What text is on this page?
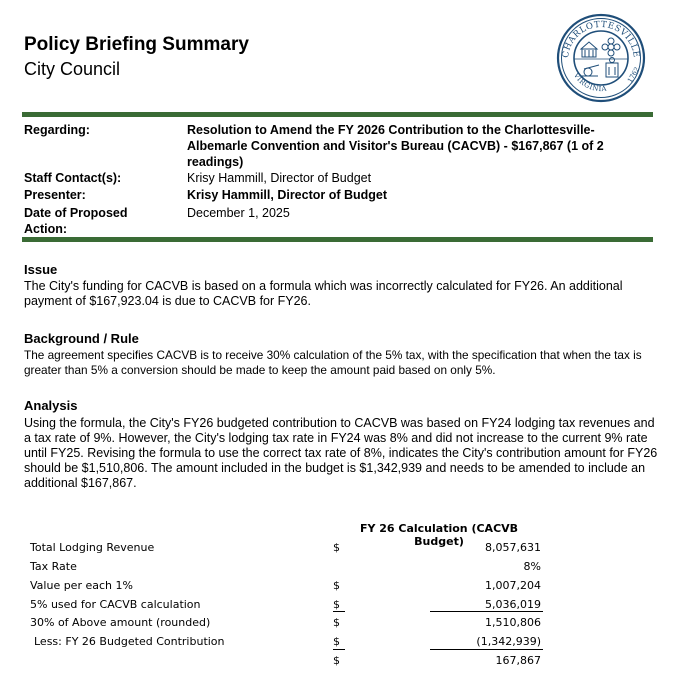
Policy Briefing Summary
City Council
CHARLOTTESVILLE
VIRGINIA
1762
Regarding:	Resolution to Amend the FY 2026 Contribution to the Charlottesville-Albemarle Convention and Visitor's Bureau (CACVB) - $167,867 (1 of 2 readings)
Staff Contact(s):	Krisy Hammill, Director of Budget
Presenter:	Krisy Hammill, Director of Budget
Date of Proposed
Action:
December 1, 2025
Issue
The City's funding for CACVB is based on a formula which was incorrectly calculated for FY26. An additional payment of $167,923.04 is due to CACVB for FY26.
Background / Rule
The agreement specifies CACVB is to receive 30% calculation of the 5% tax, with the specification that when the tax is greater than 5% a conversion should be made to keep the amount paid based on only 5%.
Analysis
Using the formula, the City's FY26 budgeted contribution to CACVB was based on FY24 lodging tax revenues and a tax rate of 9%. However, the City's lodging tax rate in FY24 was 8% and did not increase to the current 9% rate until FY25. Revising the formula to use the correct tax rate of 8%, indicates the City's contribution amount for FY26 should be $1,510,806. The amount included in the budget is $1,342,939 and needs to be amended to include an additional $167,867.
FY 26 Calculation (CACVB Budget)
Total Lodging Revenue	$	8,057,631
Tax Rate	8%
Value per each 1%	$	1,007,204
5% used for CACVB calculation	$	5,036,019
30% of Above amount (rounded)	$	1,510,806
Less: FY 26 Budgeted Contribution	$	(1,342,939)
$	167,867
